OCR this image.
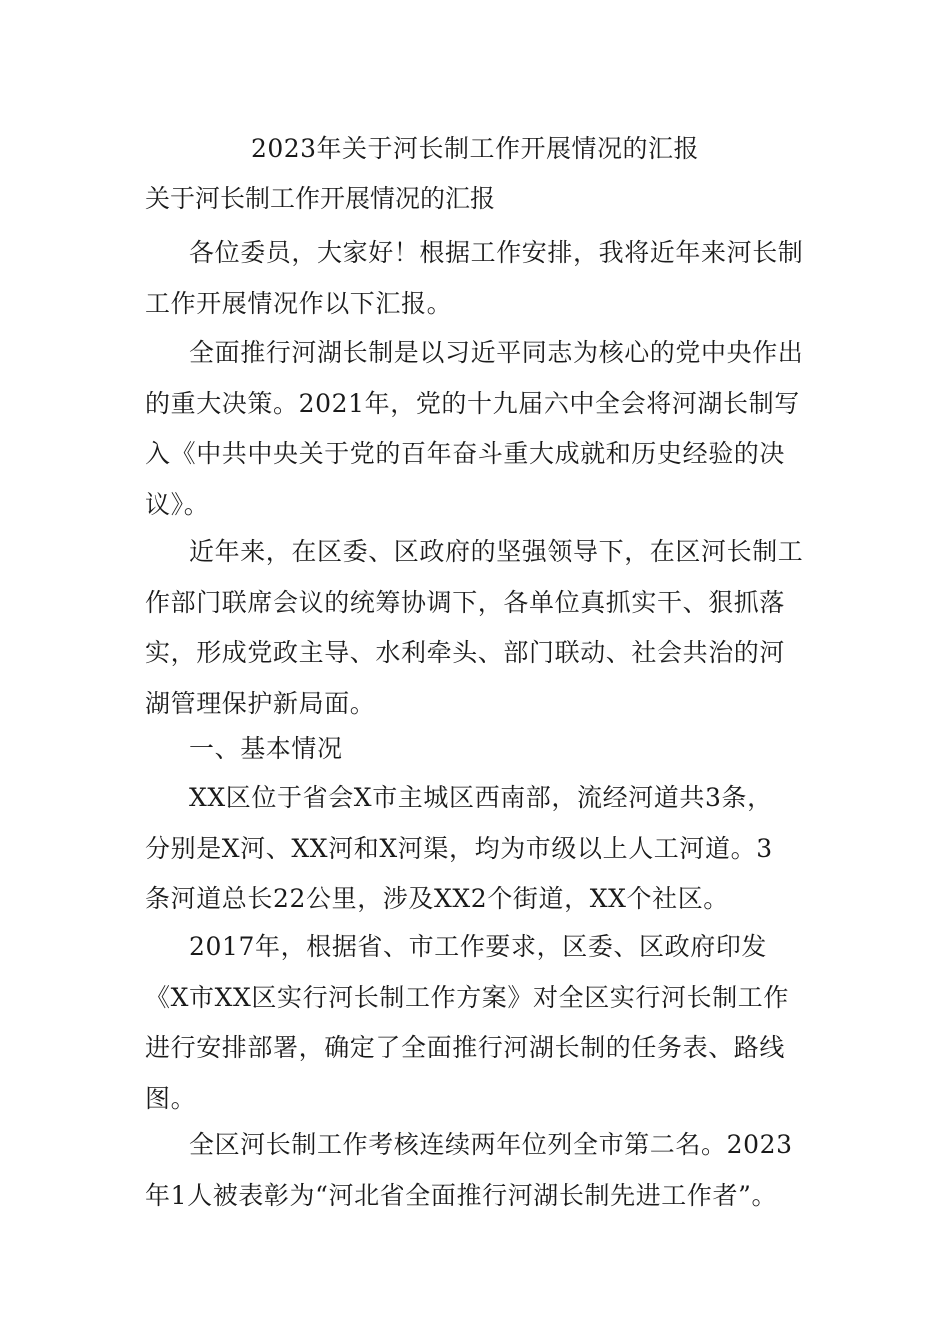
2023年关于河长制工作开展情况的汇报
关于河长制工作开展情况的汇报
各位委员，大家好！根据工作安排，我将近年来河长制
工作开展情况作以下汇报。
全面推行河湖长制是以习近平同志为核心的党中央作出
的重大决策。2021年，党的十九届六中全会将河湖长制写
入《中共中央关于党的百年奋斗重大成就和历史经验的决
议》。
近年来，在区委、区政府的坚强领导下，在区河长制工
作部门联席会议的统筹协调下，各单位真抓实干、狠抓落
实，形成党政主导、水利牵头、部门联动、社会共治的河
湖管理保护新局面。
一、基本情况
XX区位于省会X市主城区西南部，流经河道共3条，
分别是X河、XX河和X河渠，均为市级以上人工河道。3
条河道总长22公里，涉及XX2个街道，XX个社区。
2017年，根据省、市工作要求，区委、区政府印发
《X市XX区实行河长制工作方案》对全区实行河长制工作
进行安排部署，确定了全面推行河湖长制的任务表、路线
图。
全区河长制工作考核连续两年位列全市第二名。2023
年1人被表彰为“河北省全面推行河湖长制先进工作者”。
